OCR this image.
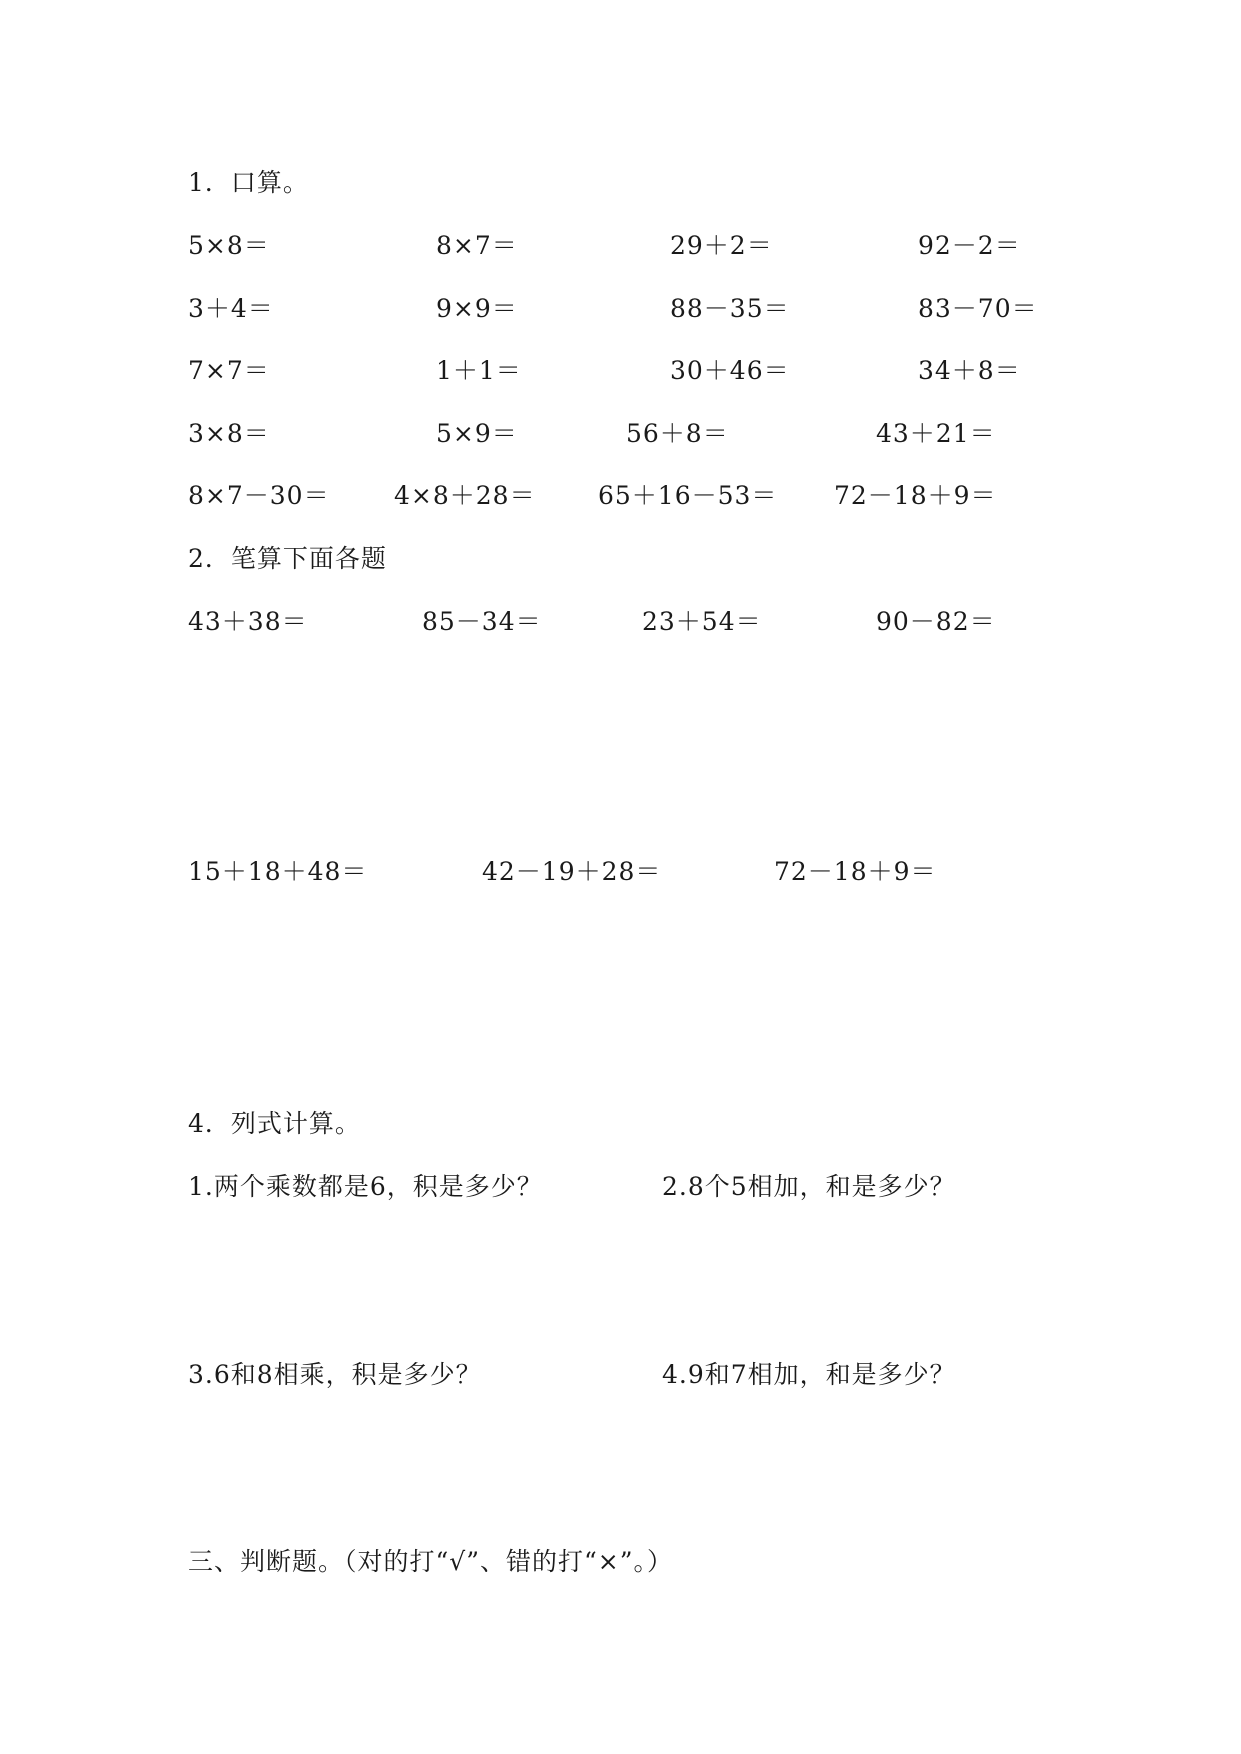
1．口算。
5×8＝	8×7＝	29＋2＝	92－2＝
3＋4＝	9×9＝	88－35＝	83－70＝
7×7＝	1＋1＝	30＋46＝	34＋8＝
3×8＝	5×9＝	56＋8＝	43＋21＝
8×7－30＝	4×8＋28＝ 65＋16－53＝ 72－18＋9＝
2．笔算下面各题
43＋38＝	85－34＝	23＋54＝	90－82＝
15＋18＋48＝	42－19＋28＝	72－18＋9＝
4．列式计算。
1.两个乘数都是6，积是多少？	2.8个5相加，和是多少？
3.6和8相乘，积是多少？	4.9和7相加，和是多少？
三、判断题。（对的打“√”、错的打“×”。）
